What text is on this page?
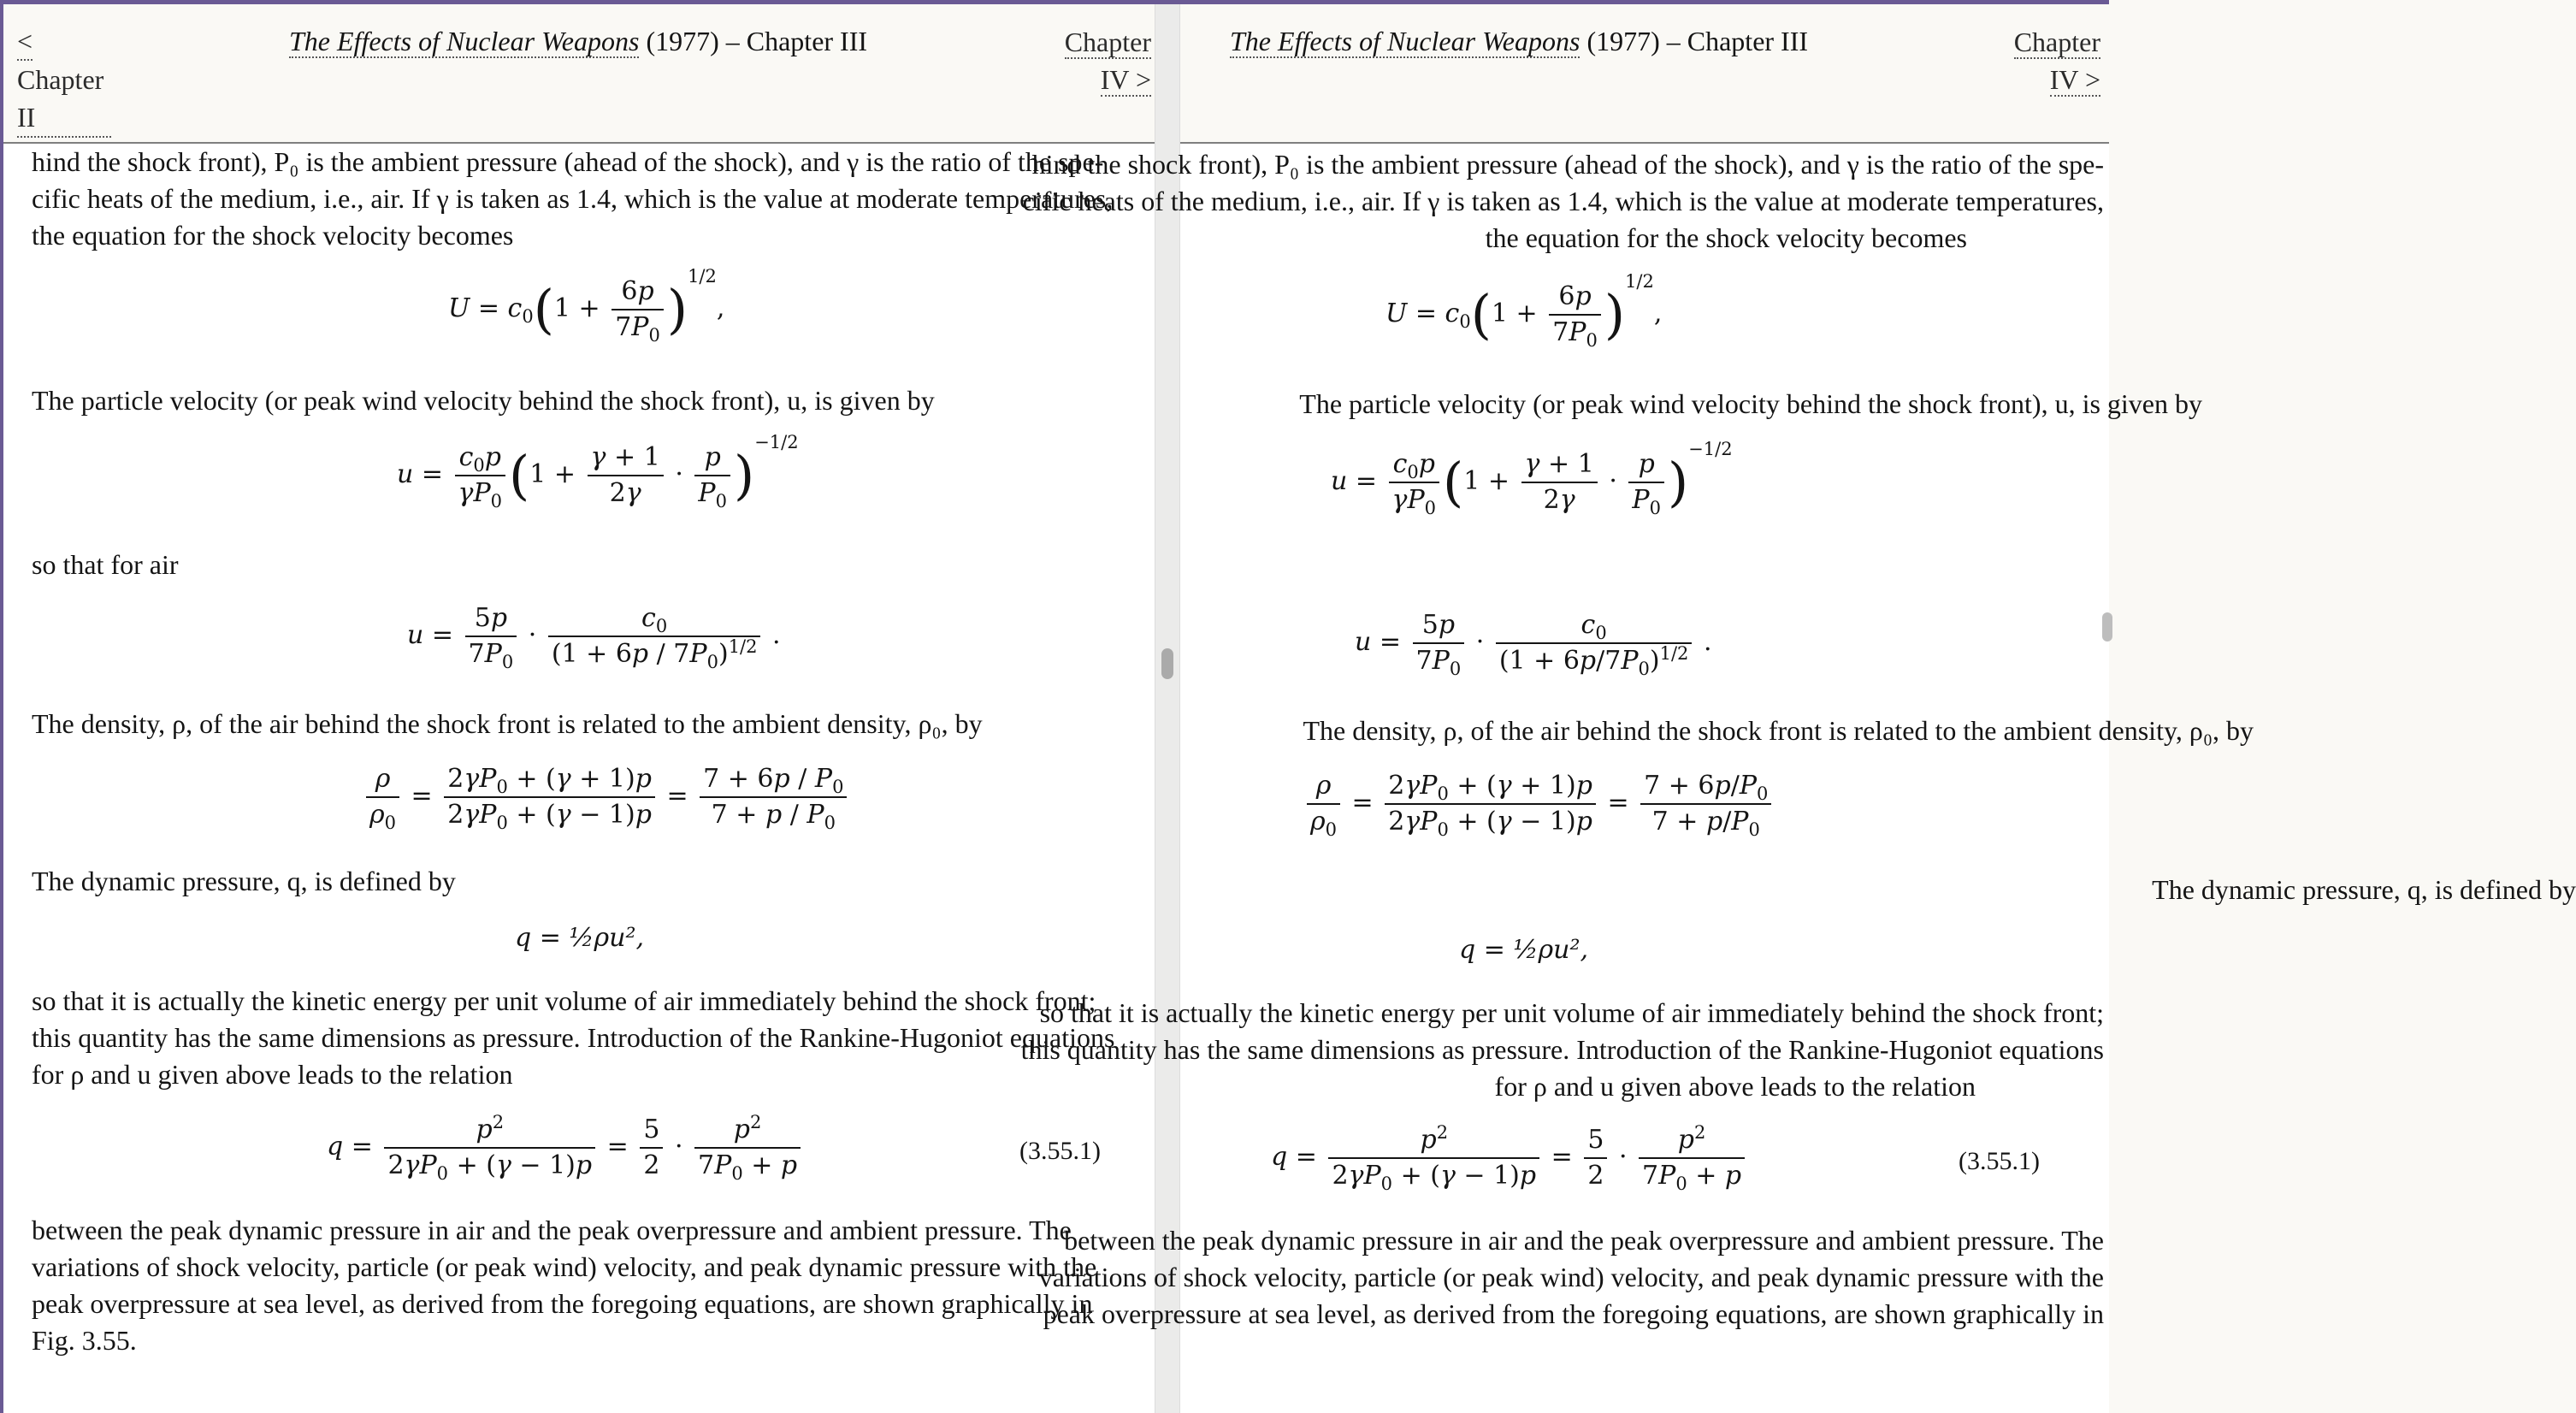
<
Chapter II
The Effects of Nuclear Weapons (1977) – Chapter III	Chapter IV >
hind the shock front), P₀ is the ambient pressure (ahead of the shock), and γ is the ratio of the spe-
cific heats of the medium, i.e., air. If γ is taken as 1.4, which is the value at moderate temperatures,
the equation for the shock velocity becomes
$U = c_0(1 + \frac{6p}{7P_0} )^{1/2}$,
The particle velocity (or peak wind velocity behind the shock front), u, is given by
$u = \frac{c_0p}{\gamma P_0} (1 + \frac{\gamma + 1}{2\gamma} \cdot \frac{p}{P_0} )^{-1/2}$
so that for air
$u = \frac{5p}{7P_0} \cdot \frac{c_0}{(1 + 6p / 7P_0)^{1/2}}$ .
The density, ρ, of the air behind the shock front is related to the ambient density, ρ₀, by
$\frac{\rho}{\rho_0} = \frac{2\gamma P_0 + (\gamma + 1)p}{2\gamma P_0 + (\gamma - 1)p} = \frac{7 + 6p / P_0}{7 + p / P_0}$
The dynamic pressure, q, is defined by
q = ½ρu²,
so that it is actually the kinetic energy per unit volume of air immediately behind the shock front;
this quantity has the same dimensions as pressure. Introduction of the Rankine-Hugoniot equations
for ρ and u given above leads to the relation
$q = \frac{p^2}{2\gamma P_0 + (\gamma - 1)p} = \frac{5}{2} \cdot \frac{p^2}{7P_0 + p}$	(3.55.1)
between the peak dynamic pressure in air and the peak overpressure and ambient pressure. The
variations of shock velocity, particle (or peak wind) velocity, and peak dynamic pressure with the
peak overpressure at sea level, as derived from the foregoing equations, are shown graphically in
Fig. 3.55.
The Effects of Nuclear Weapons (1977) – Chapter III	Chapter IV >
hind the shock front), P₀ is the ambient pressure (ahead of the shock), and γ is the ratio of the spe-
cific heats of the medium, i.e., air. If γ is taken as 1.4, which is the value at moderate temperatures,
the equation for the shock velocity becomes
$U = c_0(1 + \frac{6p}{7P_0} )^{1/2}$,
The particle velocity (or peak wind velocity behind the shock front), u, is given by
$u = \frac{c_0p}{\gamma P_0} (1 + \frac{\gamma + 1}{2\gamma} \cdot \frac{p}{P_0} )^{-1/2}$
$u = \frac{5p}{7P_0} \cdot \frac{c_0}{(1 + 6p/7P_0)^{1/2}}$ .
The density, ρ, of the air behind the shock front is related to the ambient density, ρ₀, by
$\frac{\rho}{\rho_0} = \frac{2\gamma P_0 + (\gamma + 1)p}{2\gamma P_0 + (\gamma - 1)p} = \frac{7 + 6p/P_0}{7 + p/P_0}$
The dynamic pressure, q, is defined by
q = ½ρu²,
so that it is actually the kinetic energy per unit volume of air immediately behind the shock front;
this quantity has the same dimensions as pressure. Introduction of the Rankine-Hugoniot equations
for ρ and u given above leads to the relation
$q = \frac{p^2}{2\gamma P_0 + (\gamma - 1)p} = \frac{5}{2} \cdot \frac{p^2}{7P_0 + p}$	(3.55.1)
between the peak dynamic pressure in air and the peak overpressure and ambient pressure. The
variations of shock velocity, particle (or peak wind) velocity, and peak dynamic pressure with the
peak overpressure at sea level, as derived from the foregoing equations, are shown graphically in
